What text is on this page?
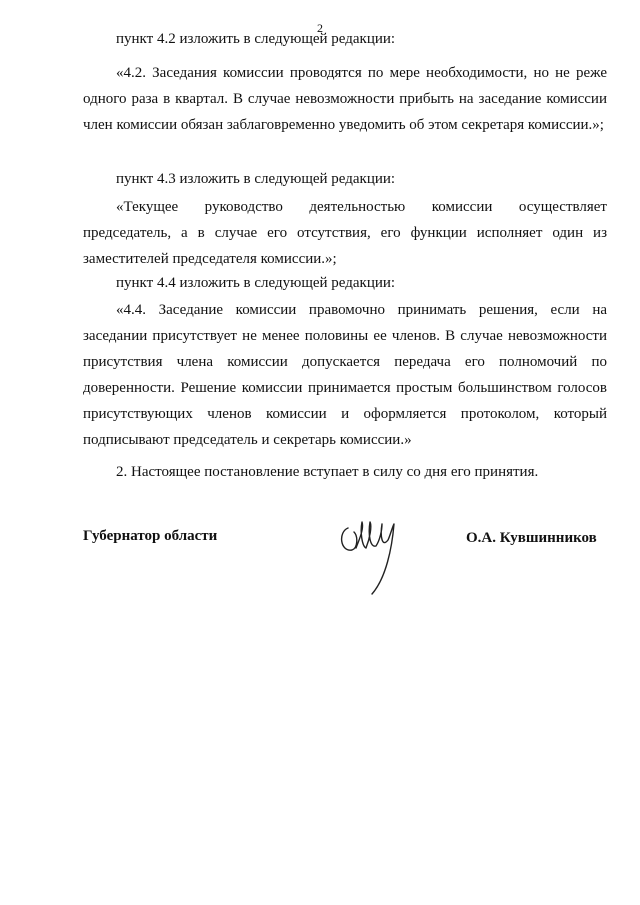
2

пункт 4.2 изложить в следующей редакции:

«4.2. Заседания комиссии проводятся по мере необходимости, но не реже одного раза в квартал. В случае невозможности прибыть на заседание комиссии член комиссии обязан заблаговременно уведомить об этом секретаря комиссии.»;

пункт 4.3 изложить в следующей редакции:

«Текущее руководство деятельностью комиссии осуществляет председатель, а в случае его отсутствия, его функции исполняет один из заместителей председателя комиссии.»;

пункт 4.4 изложить в следующей редакции:

«4.4. Заседание комиссии правомочно принимать решения, если на заседании присутствует не менее половины ее членов. В случае невозможности присутствия члена комиссии допускается передача его полномочий по доверенности. Решение комиссии принимается простым большинством голосов присутствующих членов комиссии и оформляется протоколом, который подписывают председатель и секретарь комиссии.»

2. Настоящее постановление вступает в силу со дня его принятия.

Губернатор области	О.А. Кувшинников
